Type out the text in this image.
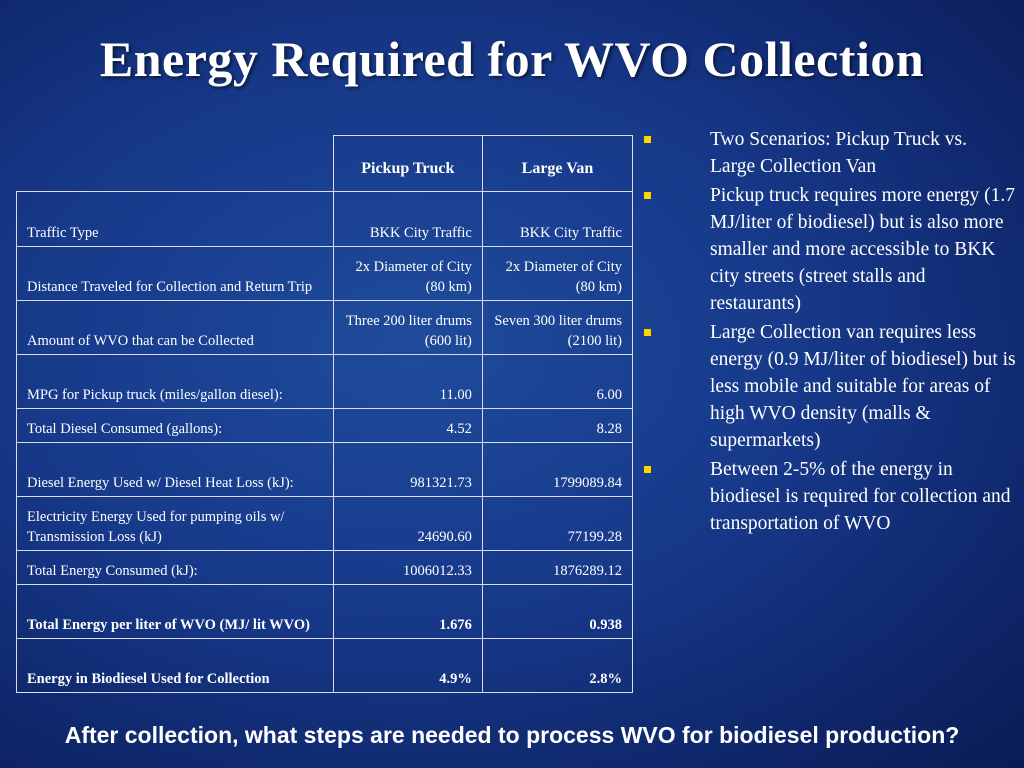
Energy Required for WVO Collection
	Pickup Truck	Large Van
Traffic Type	BKK City Traffic	BKK City Traffic
Distance Traveled for Collection and Return Trip	2x Diameter of City (80 km)	2x Diameter of City (80 km)
Amount of WVO that can be Collected	Three 200 liter drums (600 lit)	Seven 300 liter drums (2100 lit)
MPG for Pickup truck (miles/gallon diesel):	11.00	6.00
Total Diesel Consumed (gallons):	4.52	8.28
Diesel Energy Used w/ Diesel Heat Loss (kJ):	981321.73	1799089.84
Electricity Energy Used for pumping oils w/ Transmission Loss (kJ)	24690.60	77199.28
Total Energy Consumed (kJ):	1006012.33	1876289.12
Total Energy per liter of WVO (MJ/ lit WVO)	1.676	0.938
Energy in Biodiesel Used for Collection	4.9%	2.8%
Two Scenarios: Pickup Truck vs. Large Collection Van
Pickup truck requires more energy (1.7 MJ/liter of biodiesel) but is also more smaller and more accessible to BKK city streets (street stalls and restaurants)
Large Collection van requires less energy (0.9 MJ/liter of biodiesel) but is less mobile and suitable for areas of high WVO density (malls & supermarkets)
Between 2-5% of the energy in biodiesel is required for collection and transportation of WVO
After collection, what steps are needed to process WVO for biodiesel production?
